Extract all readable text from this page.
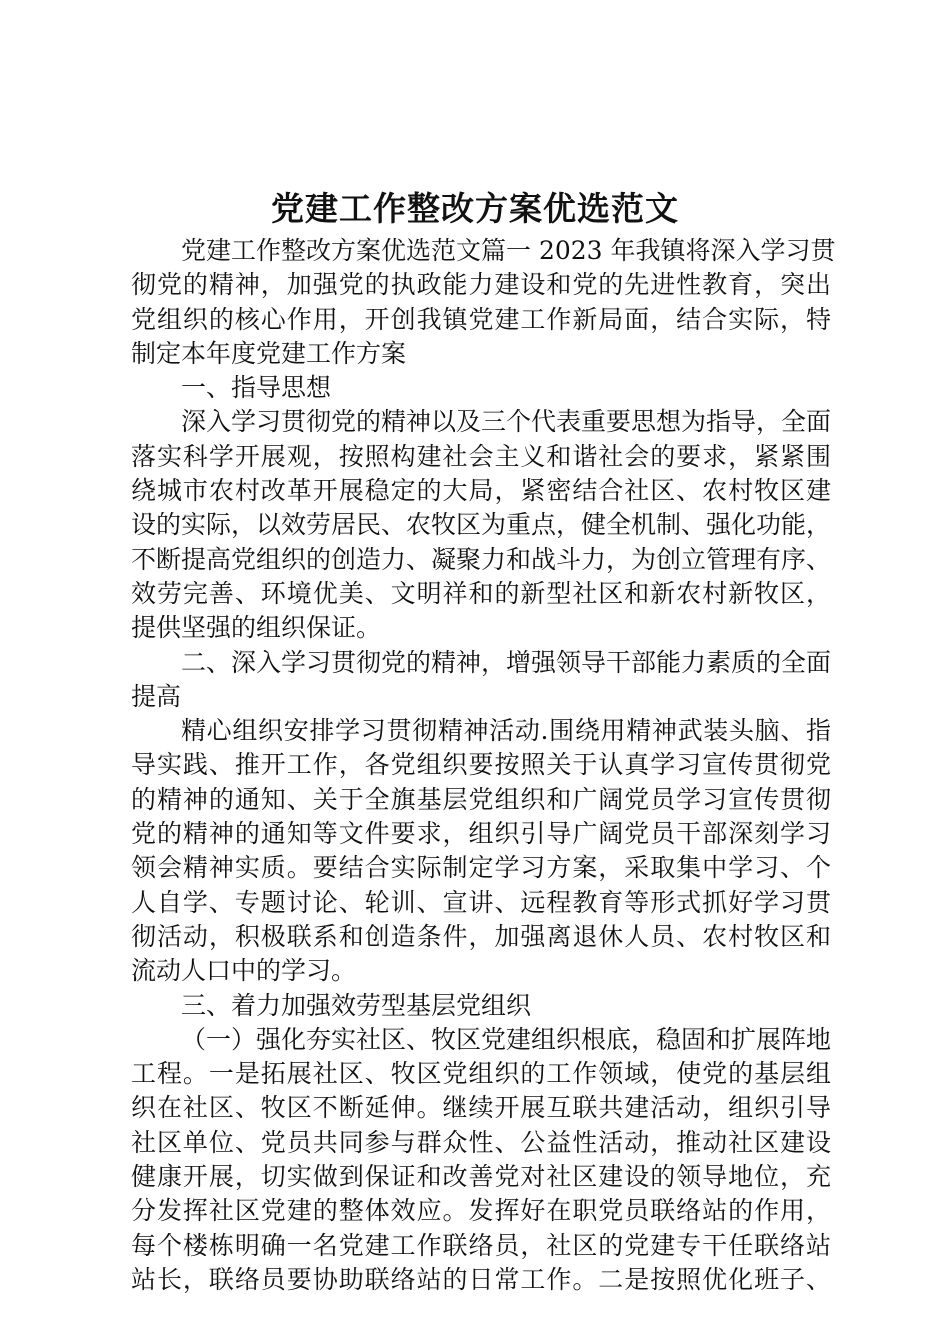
党建工作整改方案优选范文
党建工作整改方案优选范文篇一 2023 年我镇将深入学习贯
彻党的精神，加强党的执政能力建设和党的先进性教育，突出
党组织的核心作用，开创我镇党建工作新局面，结合实际，特
制定本年度党建工作方案
一、指导思想
深入学习贯彻党的精神以及三个代表重要思想为指导，全面
落实科学开展观，按照构建社会主义和谐社会的要求，紧紧围
绕城市农村改革开展稳定的大局，紧密结合社区、农村牧区建
设的实际，以效劳居民、农牧区为重点，健全机制、强化功能，
不断提高党组织的创造力、凝聚力和战斗力，为创立管理有序、
效劳完善、环境优美、文明祥和的新型社区和新农村新牧区，
提供坚强的组织保证。
二、深入学习贯彻党的精神，增强领导干部能力素质的全面
提高
精心组织安排学习贯彻精神活动.围绕用精神武装头脑、指
导实践、推开工作，各党组织要按照关于认真学习宣传贯彻党
的精神的通知、关于全旗基层党组织和广阔党员学习宣传贯彻
党的精神的通知等文件要求，组织引导广阔党员干部深刻学习
领会精神实质。要结合实际制定学习方案，采取集中学习、个
人自学、专题讨论、轮训、宣讲、远程教育等形式抓好学习贯
彻活动，积极联系和创造条件，加强离退休人员、农村牧区和
流动人口中的学习。
三、着力加强效劳型基层党组织
（一）强化夯实社区、牧区党建组织根底，稳固和扩展阵地
工程。一是拓展社区、牧区党组织的工作领域，使党的基层组
织在社区、牧区不断延伸。继续开展互联共建活动，组织引导
社区单位、党员共同参与群众性、公益性活动，推动社区建设
健康开展，切实做到保证和改善党对社区建设的领导地位，充
分发挥社区党建的整体效应。发挥好在职党员联络站的作用，
每个楼栋明确一名党建工作联络员，社区的党建专干任联络站
站长，联络员要协助联络站的日常工作。二是按照优化班子、
